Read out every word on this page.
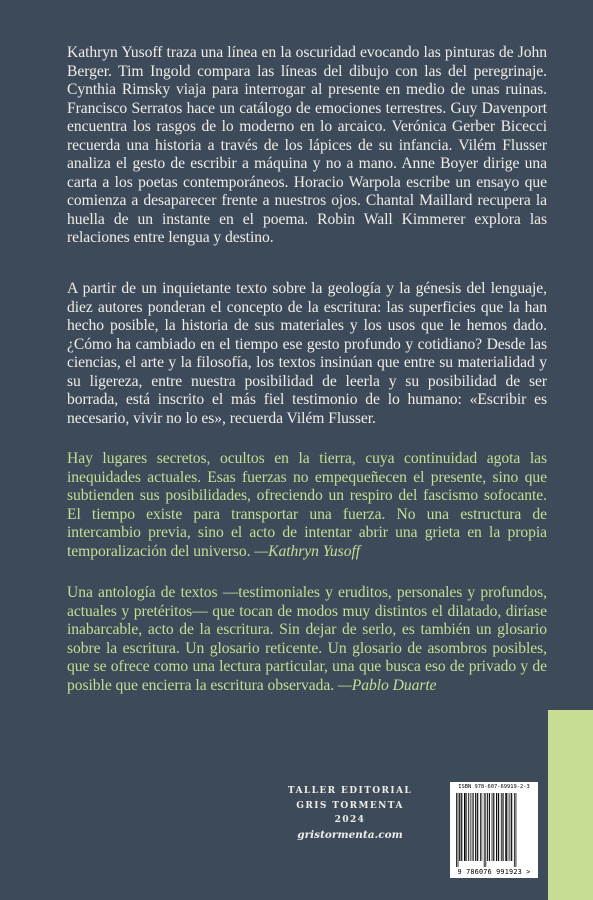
Kathryn Yusoff traza una línea en la oscuridad evocando las pinturas de John Berger. Tim Ingold compara las líneas del dibujo con las del peregrinaje. Cynthia Rimsky viaja para interrogar al presente en medio de unas ruinas. Francisco Serratos hace un catálogo de emociones terrestres. Guy Davenport encuentra los rasgos de lo moderno en lo arcaico. Verónica Gerber Bicecci recuerda una historia a través de los lápices de su infancia. Vilém Flusser analiza el gesto de escribir a máquina y no a mano. Anne Boyer dirige una carta a los poetas contemporáneos. Horacio Warpola escribe un ensayo que comienza a desaparecer frente a nuestros ojos. Chantal Maillard recupera la huella de un instante en el poema. Robin Wall Kimmerer explora las relaciones entre lengua y destino.

A partir de un inquietante texto sobre la geología y la génesis del lenguaje, diez autores ponderan el concepto de la escritura: las superficies que la han hecho posible, la historia de sus materiales y los usos que le hemos dado. ¿Cómo ha cambiado en el tiempo ese gesto profundo y cotidiano? Desde las ciencias, el arte y la filosofía, los textos insinúan que entre su materialidad y su ligereza, entre nuestra posibilidad de leerla y su posibilidad de ser borrada, está inscrito el más fiel testimonio de lo humano: «Escribir es necesario, vivir no lo es», recuerda Vilém Flusser.

Hay lugares secretos, ocultos en la tierra, cuya continuidad agota las inequidades actuales. Esas fuerzas no empequeñecen el presente, sino que subtienden sus posibilidades, ofreciendo un respiro del fascismo sofocante. El tiempo existe para transportar una fuerza. No una estructura de intercambio previa, sino el acto de intentar abrir una grieta en la propia temporalización del universo. —Kathryn Yusoff

Una antología de textos —testimoniales y eruditos, personales y profundos, actuales y pretéritos— que tocan de modos muy distintos el dilatado, diríase inabarcable, acto de la escritura. Sin dejar de serlo, es también un glosario sobre la escritura. Un glosario reticente. Un glosario de asombros posibles, que se ofrece como una lectura particular, una que busca eso de privado y de posible que encierra la escritura observada. —Pablo Duarte

TALLER EDITORIAL
GRIS TORMENTA
2024
gristormenta.com
ISBN 978-607-69919-2-3
9 786076 991923 >
